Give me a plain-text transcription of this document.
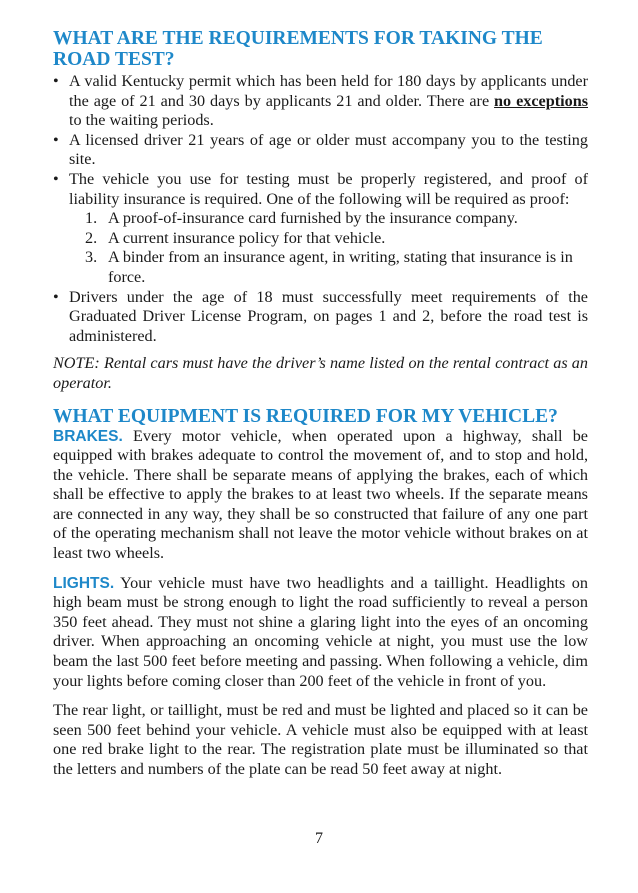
WHAT ARE THE REQUIREMENTS FOR TAKING THE ROAD TEST?
• A valid Kentucky permit which has been held for 180 days by applicants under the age of 21 and 30 days by applicants 21 and older. There are no exceptions to the waiting periods.
• A licensed driver 21 years of age or older must accompany you to the testing site.
• The vehicle you use for testing must be properly registered, and proof of liability insurance is required. One of the following will be required as proof:
1. A proof-of-insurance card furnished by the insurance company.
2. A current insurance policy for that vehicle.
3. A binder from an insurance agent, in writing, stating that insurance is in force.
• Drivers under the age of 18 must successfully meet requirements of the Graduated Driver License Program, on pages 1 and 2, before the road test is administered.

NOTE: Rental cars must have the driver’s name listed on the rental contract as an operator.

WHAT EQUIPMENT IS REQUIRED FOR MY VEHICLE?

BRAKES. Every motor vehicle, when operated upon a highway, shall be equipped with brakes adequate to control the movement of, and to stop and hold, the vehicle. There shall be separate means of applying the brakes, each of which shall be effective to apply the brakes to at least two wheels. If the separate means are connected in any way, they shall be so constructed that failure of any one part of the operating mechanism shall not leave the motor vehicle without brakes on at least two wheels.

LIGHTS. Your vehicle must have two headlights and a taillight. Headlights on high beam must be strong enough to light the road sufficiently to reveal a person 350 feet ahead. They must not shine a glaring light into the eyes of an oncoming driver. When approaching an oncoming vehicle at night, you must use the low beam the last 500 feet before meeting and passing. When following a vehicle, dim your lights before coming closer than 200 feet of the vehicle in front of you.

The rear light, or taillight, must be red and must be lighted and placed so it can be seen 500 feet behind your vehicle. A vehicle must also be equipped with at least one red brake light to the rear. The registration plate must be illuminated so that the letters and numbers of the plate can be read 50 feet away at night.

7
